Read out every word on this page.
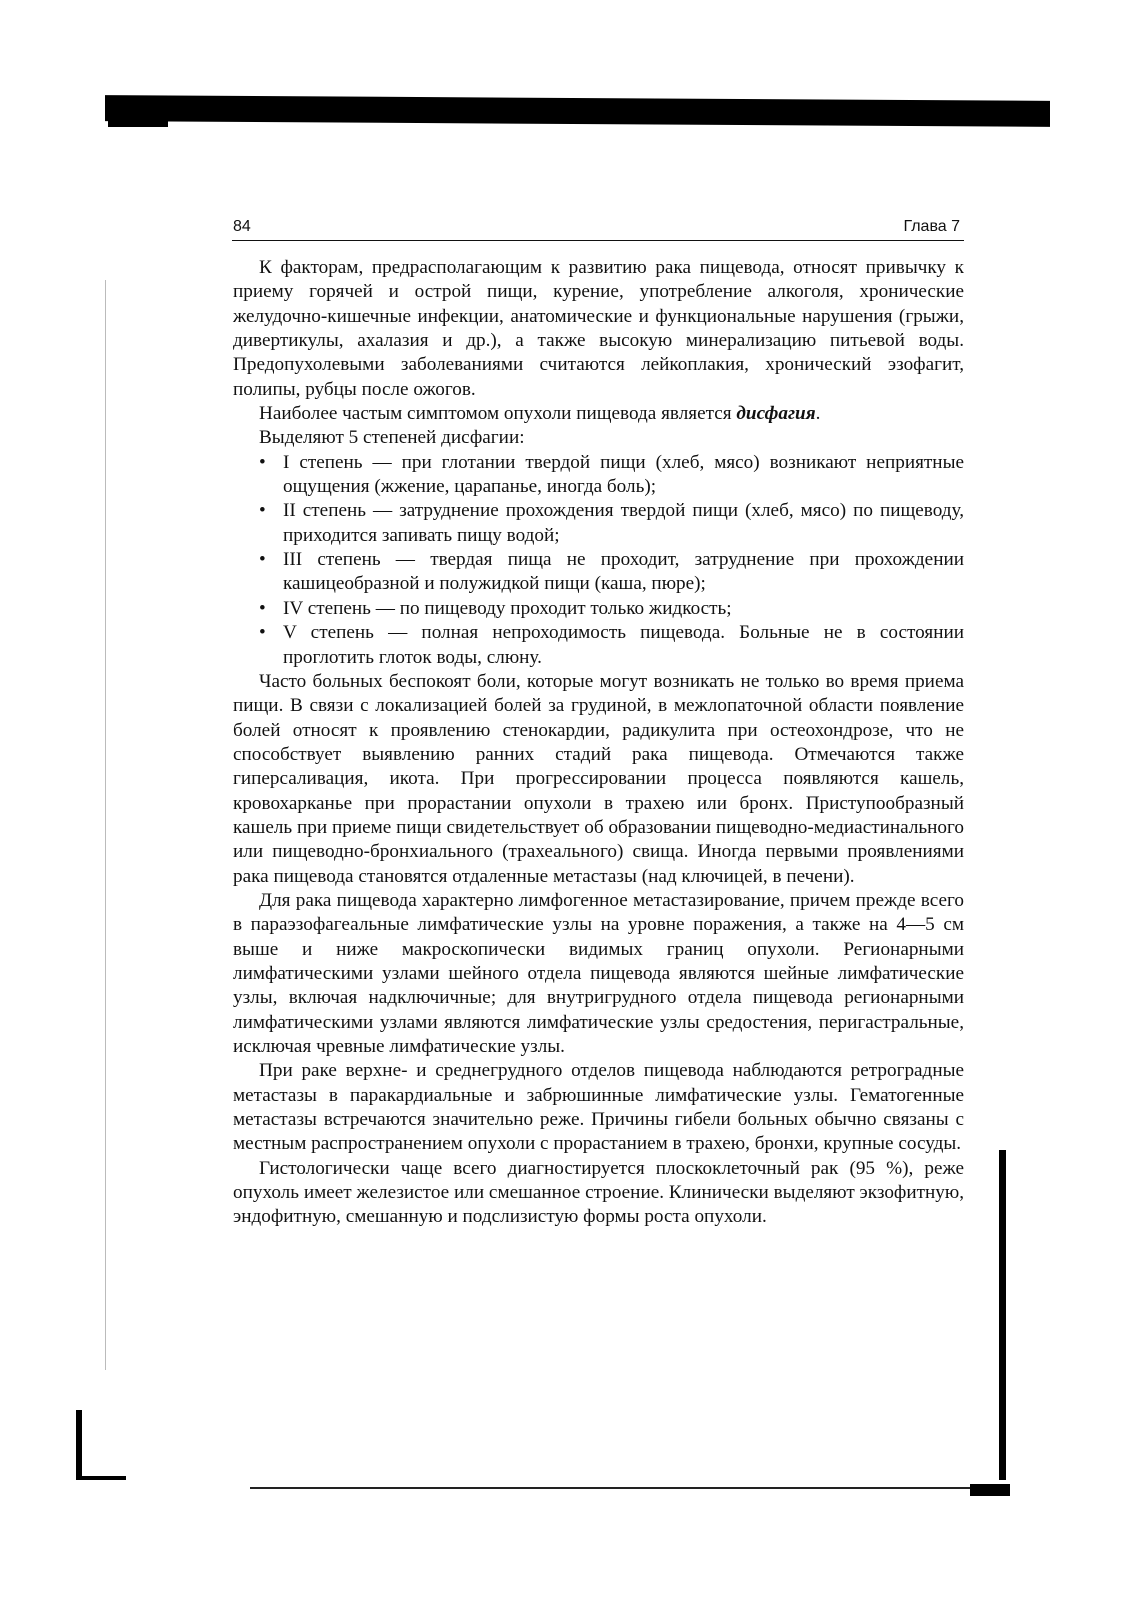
84	Глава 7

К факторам, предрасполагающим к развитию рака пищевода, относят привычку к приему горячей и острой пищи, курение, употребление алкоголя, хронические желудочно-кишечные инфекции, анатомические и функциональные нарушения (грыжи, дивертикулы, ахалазия и др.), а также высокую минерализацию питьевой воды. Предопухолевыми заболеваниями считаются лейкоплакия, хронический эзофагит, полипы, рубцы после ожогов.

Наиболее частым симптомом опухоли пищевода является дисфагия.

Выделяют 5 степеней дисфагии:

• I степень — при глотании твердой пищи (хлеб, мясо) возникают неприятные ощущения (жжение, царапанье, иногда боль);
• II степень — затруднение прохождения твердой пищи (хлеб, мясо) по пищеводу, приходится запивать пищу водой;
• III степень — твердая пища не проходит, затруднение при прохождении кашицеобразной и полужидкой пищи (каша, пюре);
• IV степень — по пищеводу проходит только жидкость;
• V степень — полная непроходимость пищевода. Больные не в состоянии проглотить глоток воды, слюну.

Часто больных беспокоят боли, которые могут возникать не только во время приема пищи. В связи с локализацией болей за грудиной, в межлопаточной области появление болей относят к проявлению стенокардии, радикулита при остеохондрозе, что не способствует выявлению ранних стадий рака пищевода. Отмечаются также гиперсаливация, икота. При прогрессировании процесса появляются кашель, кровохарканье при прорастании опухоли в трахею или бронх. Приступообразный кашель при приеме пищи свидетельствует об образовании пищеводно-медиастинального или пищеводно-бронхиального (трахеального) свища. Иногда первыми проявлениями рака пищевода становятся отдаленные метастазы (над ключицей, в печени).

Для рака пищевода характерно лимфогенное метастазирование, причем прежде всего в параэзофагеальные лимфатические узлы на уровне поражения, а также на 4—5 см выше и ниже макроскопически видимых границ опухоли. Регионарными лимфатическими узлами шейного отдела пищевода являются шейные лимфатические узлы, включая надключичные; для внутригрудного отдела пищевода регионарными лимфатическими узлами являются лимфатические узлы средостения, перигастральные, исключая чревные лимфатические узлы.

При раке верхне- и среднегрудного отделов пищевода наблюдаются ретроградные метастазы в паракардиальные и забрюшинные лимфатические узлы. Гематогенные метастазы встречаются значительно реже. Причины гибели больных обычно связаны с местным распространением опухоли с прорастанием в трахею, бронхи, крупные сосуды.

Гистологически чаще всего диагностируется плоскоклеточный рак (95 %), реже опухоль имеет железистое или смешанное строение. Клинически выделяют экзофитную, эндофитную, смешанную и подслизистую формы роста опухоли.
